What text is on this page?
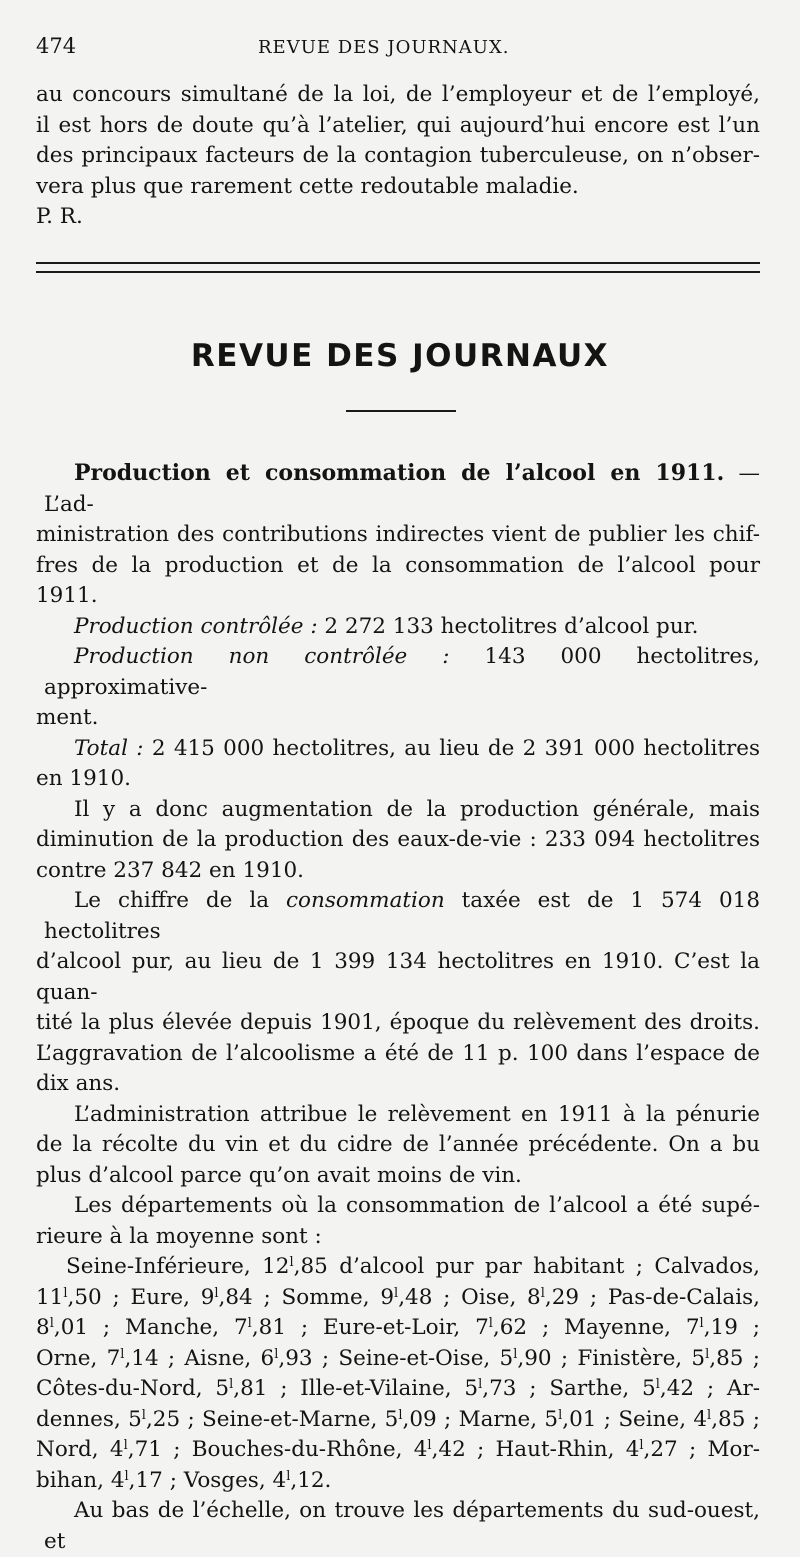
474	REVUE DES JOURNAUX.

au concours simultané de la loi, de l’employeur et de l’employé,

il est hors de doute qu’à l’atelier, qui aujourd’hui encore est l’un

des principaux facteurs de la contagion tuberculeuse, on n’obser-

vera plus que rarement cette redoutable maladie.

P. R.

REVUE DES JOURNAUX

Production et consommation de l’alcool en 1911. — L’ad-

ministration des contributions indirectes vient de publier les chif-

fres de la production et de la consommation de l’alcool pour 1911.

Production contrôlée : 2 272 133 hectolitres d’alcool pur.

Production non contrôlée : 143 000 hectolitres, approximative-

ment.

Total : 2 415 000 hectolitres, au lieu de 2 391 000 hectolitres

en 1910.

Il y a donc augmentation de la production générale, mais

diminution de la production des eaux-de-vie : 233 094 hectolitres

contre 237 842 en 1910.

Le chiffre de la consommation taxée est de 1 574 018 hectolitres

d’alcool pur, au lieu de 1 399 134 hectolitres en 1910. C’est la quan-

tité la plus élevée depuis 1901, époque du relèvement des droits.

L’aggravation de l’alcoolisme a été de 11 p. 100 dans l’espace de

dix ans.

L’administration attribue le relèvement en 1911 à la pénurie

de la récolte du vin et du cidre de l’année précédente. On a bu

plus d’alcool parce qu’on avait moins de vin.

Les départements où la consommation de l’alcool a été supé-

rieure à la moyenne sont :

Seine-Inférieure, 12$^l$,85 d’alcool pur par habitant ; Calvados,

11$^l$,50 ; Eure, 9$^l$,84 ; Somme, 9$^l$,48 ; Oise, 8$^l$,29 ; Pas-de-Calais,

8$^l$,01 ; Manche, 7$^l$,81 ; Eure-et-Loir, 7$^l$,62 ; Mayenne, 7$^l$,19 ;

Orne, 7$^l$,14 ; Aisne, 6$^l$,93 ; Seine-et-Oise, 5$^l$,90 ; Finistère, 5$^l$,85 ;

Côtes-du-Nord, 5$^l$,81 ; Ille-et-Vilaine, 5$^l$,73 ; Sarthe, 5$^l$,42 ; Ar-

dennes, 5$^l$,25 ; Seine-et-Marne, 5$^l$,09 ; Marne, 5$^l$,01 ; Seine, 4$^l$,85 ;

Nord, 4$^l$,71 ; Bouches-du-Rhône, 4$^l$,42 ; Haut-Rhin, 4$^l$,27 ; Mor-

bihan, 4$^l$,17 ; Vosges, 4$^l$,12.

Au bas de l’échelle, on trouve les départements du sud-ouest, et
